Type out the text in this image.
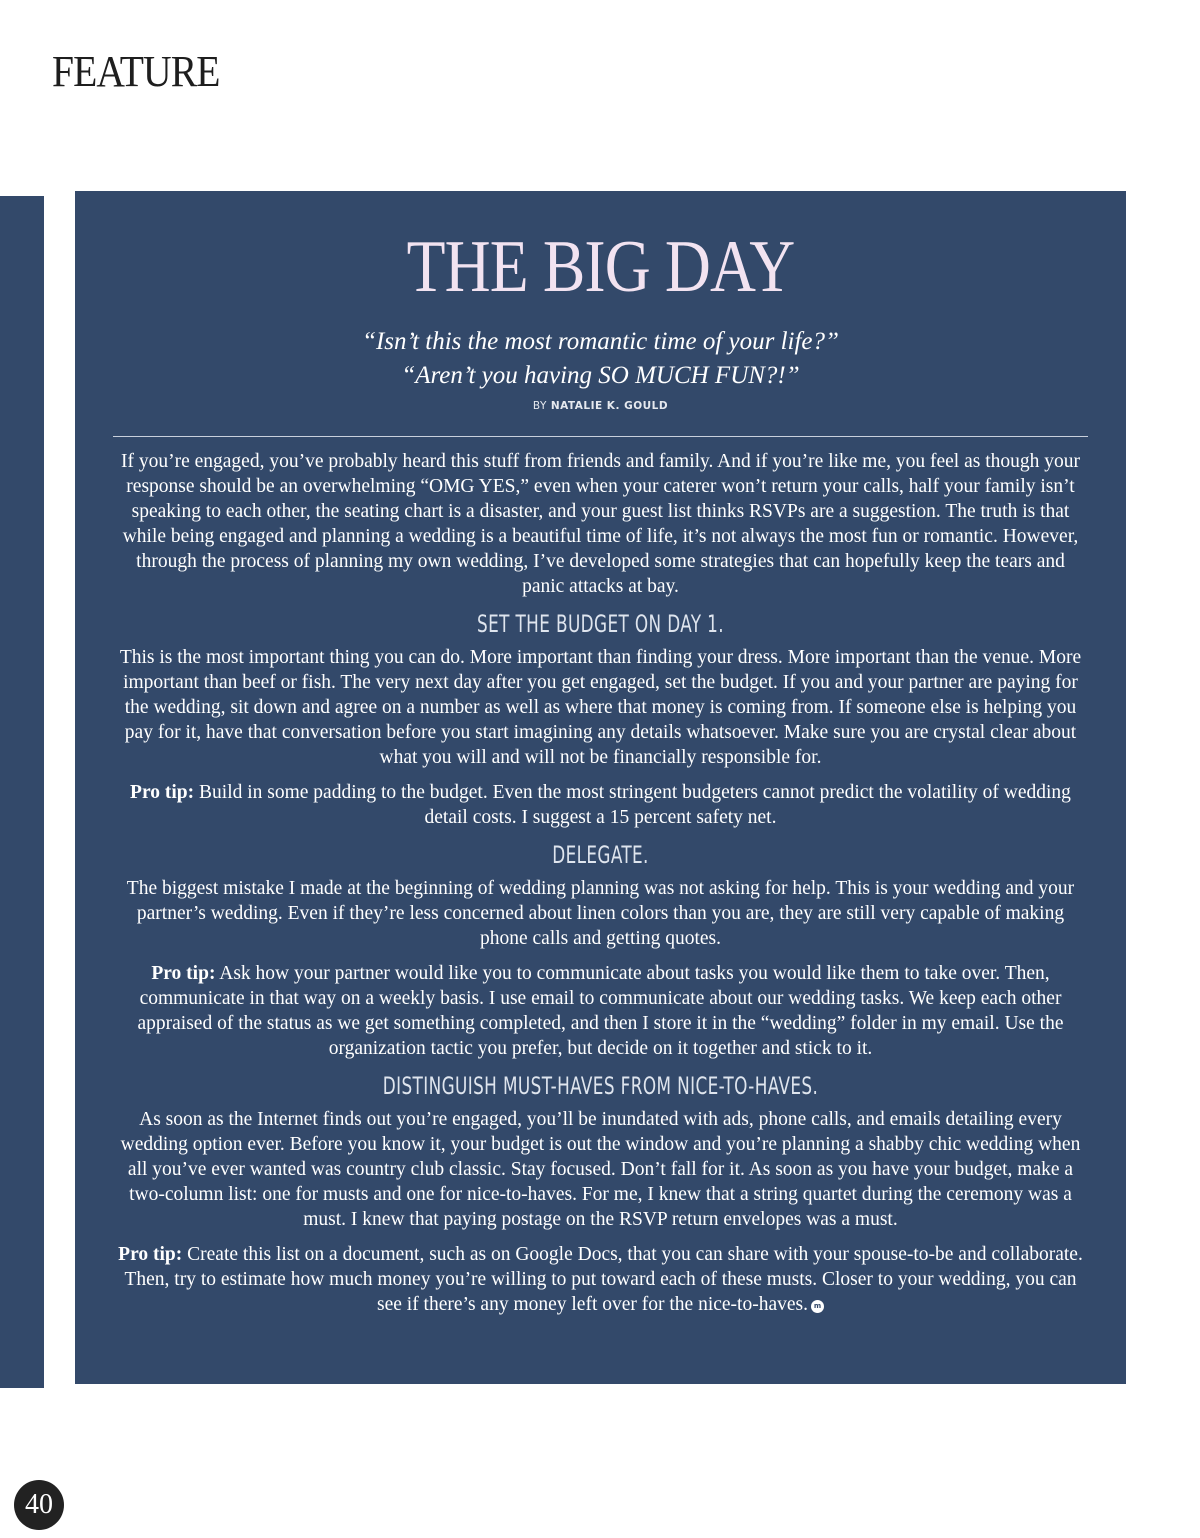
FEATURE
THE BIG DAY

“Isn’t this the most romantic time of your life?”

“Aren’t you having SO MUCH FUN?!”

BY NATALIE K. GOULD

If you’re engaged, you’ve probably heard this stuff from friends and family. And if you’re like me, you feel as though your response should be an overwhelming “OMG YES,” even when your caterer won’t return your calls, half your family isn’t speaking to each other, the seating chart is a disaster, and your guest list thinks RSVPs are a suggestion. The truth is that while being engaged and planning a wedding is a beautiful time of life, it’s not always the most fun or romantic. However, through the process of planning my own wedding, I’ve developed some strategies that can hopefully keep the tears and panic attacks at bay.

SET THE BUDGET ON DAY 1.

This is the most important thing you can do. More important than finding your dress. More important than the venue. More important than beef or fish. The very next day after you get engaged, set the budget. If you and your partner are paying for the wedding, sit down and agree on a number as well as where that money is coming from. If someone else is helping you pay for it, have that conversation before you start imagining any details whatsoever. Make sure you are crystal clear about what you will and will not be financially responsible for.

Pro tip: Build in some padding to the budget. Even the most stringent budgeters cannot predict the volatility of wedding detail costs. I suggest a 15 percent safety net.

DELEGATE.

The biggest mistake I made at the beginning of wedding planning was not asking for help. This is your wedding and your partner’s wedding. Even if they’re less concerned about linen colors than you are, they are still very capable of making phone calls and getting quotes.

Pro tip: Ask how your partner would like you to communicate about tasks you would like them to take over. Then, communicate in that way on a weekly basis. I use email to communicate about our wedding tasks. We keep each other appraised of the status as we get something completed, and then I store it in the “wedding” folder in my email. Use the organization tactic you prefer, but decide on it together and stick to it.

DISTINGUISH MUST-HAVES FROM NICE-TO-HAVES.

As soon as the Internet finds out you’re engaged, you’ll be inundated with ads, phone calls, and emails detailing every wedding option ever. Before you know it, your budget is out the window and you’re planning a shabby chic wedding when all you’ve ever wanted was country club classic. Stay focused. Don’t fall for it. As soon as you have your budget, make a two-column list: one for musts and one for nice-to-haves. For me, I knew that a string quartet during the ceremony was a must. I knew that paying postage on the RSVP return envelopes was a must.

Pro tip: Create this list on a document, such as on Google Docs, that you can share with your spouse-to-be and collaborate. Then, try to estimate how much money you’re willing to put toward each of these musts. Closer to your wedding, you can see if there’s any money left over for the nice-to-haves. m

40
